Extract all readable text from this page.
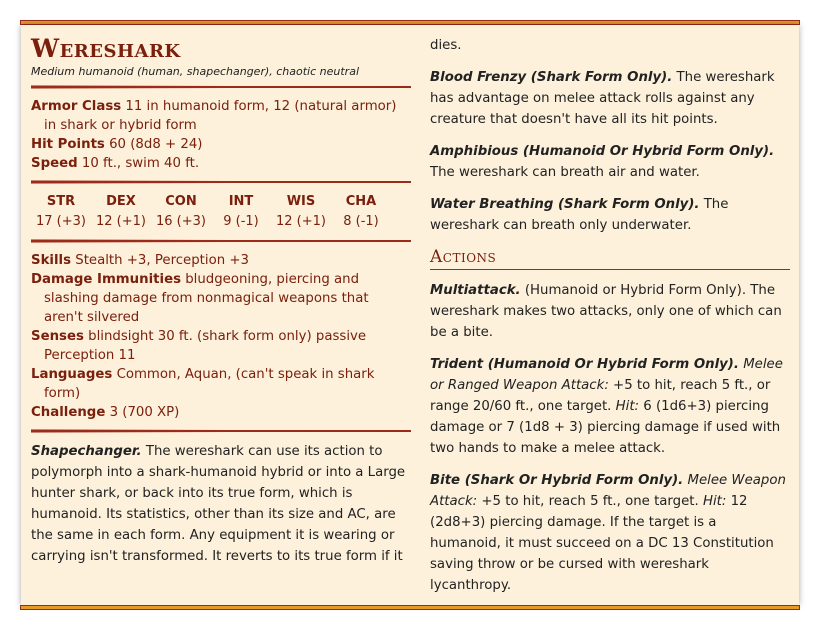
Wereshark
Medium humanoid (human, shapechanger), chaotic neutral
Armor Class 11 in humanoid form, 12 (natural armor) in shark or hybrid form
Hit Points 60 (8d8 + 24)
Speed 10 ft., swim 40 ft.
STR
17 (+3)
DEX
12 (+1)
CON
16 (+3)
INT
9 (-1)
WIS
12 (+1)
CHA
8 (-1)
Skills Stealth +3, Perception +3
Damage Immunities bludgeoning, piercing and slashing damage from nonmagical weapons that aren't silvered
Senses blindsight 30 ft. (shark form only) passive Perception 11
Languages Common, Aquan, (can't speak in shark form)
Challenge 3 (700 XP)

Shapechanger. The wereshark can use its action to polymorph into a shark-humanoid hybrid or into a Large hunter shark, or back into its true form, which is humanoid. Its statistics, other than its size and AC, are the same in each form. Any equipment it is wearing or carrying isn't transformed. It reverts to its true form if it

dies.

Blood Frenzy (Shark Form Only). The wereshark has advantage on melee attack rolls against any creature that doesn't have all its hit points.

Amphibious (Humanoid Or Hybrid Form Only). The wereshark can breath air and water.

Water Breathing (Shark Form Only). The wereshark can breath only underwater.

Actions

Multiattack. (Humanoid or Hybrid Form Only). The wereshark makes two attacks, only one of which can be a bite.

Trident (Humanoid Or Hybrid Form Only). Melee or Ranged Weapon Attack: +5 to hit, reach 5 ft., or range 20/60 ft., one target. Hit: 6 (1d6+3) piercing damage or 7 (1d8 + 3) piercing damage if used with two hands to make a melee attack.

Bite (Shark Or Hybrid Form Only). Melee Weapon Attack: +5 to hit, reach 5 ft., one target. Hit: 12 (2d8+3) piercing damage. If the target is a humanoid, it must succeed on a DC 13 Constitution saving throw or be cursed with wereshark lycanthropy.
